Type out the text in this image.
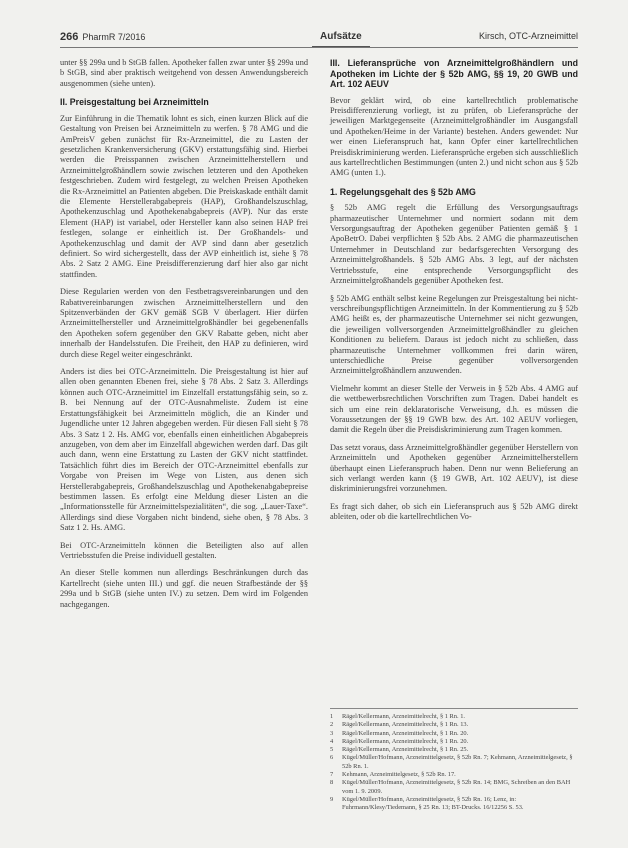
266 PharmR 7/2016	Aufsätze	Kirsch, OTC-Arzneimittel

unter §§ 299a und b StGB fallen. Apotheker fallen zwar unter §§ 299a und b StGB, sind aber praktisch weitgehend von dessen Anwendungsbereich ausgenommen (siehe unten).

II. Preisgestaltung bei Arzneimitteln

Zur Einführung in die Thematik lohnt es sich, einen kurzen Blick auf die Gestaltung von Preisen bei Arzneimitteln zu werfen. § 78 AMG und die AmPreisV geben zunächst für Rx-Arzneimittel, die zu Lasten der gesetzlichen Krankenversicherung (GKV) erstattungsfähig sind. Hierbei werden die Preisspannen zwischen Arzneimittelherstellern und Arzneimittelgroßhändlern sowie zwischen letzteren und den Apotheken festgeschrieben. Zudem wird festgelegt, zu welchen Preisen Apotheken die Rx-Arzneimittel an Patienten abgeben. Die Preiskaskade enthält damit die Elemente Herstellerabgabepreis (HAP), Großhandelszuschlag, Apothekenzuschlag und Apothekenabgabepreis (AVP). Nur das erste Element (HAP) ist variabel, oder Hersteller kann also seinen HAP frei festlegen, solange er einheitlich ist. Der Großhandels- und Apothekenzuschlag und damit der AVP sind dann aber gesetzlich definiert. So wird sichergestellt, dass der AVP einheitlich ist, siehe § 78 Abs. 2 Satz 2 AMG. Eine Preisdifferenzierung darf hier also gar nicht stattfinden.

Diese Regularien werden von den Festbetragsvereinbarungen und den Rabattvereinbarungen zwischen Arzneimittelherstellern und den Spitzenverbänden der GKV gemäß SGB V überlagert. Hier dürfen Arzneimittelhersteller und Arzneimittelgroßhändler bei gegebenenfalls den Apotheken sofern gegenüber den GKV Rabatte geben, nicht aber innerhalb der Handelsstufen. Die Freiheit, den HAP zu definieren, wird durch diese Regel weiter eingeschränkt.

Anders ist dies bei OTC-Arzneimitteln. Die Preisgestaltung ist hier auf allen oben genannten Ebenen frei, siehe § 78 Abs. 2 Satz 3. Allerdings können auch OTC-Arzneimittel im Einzelfall erstattungsfähig sein, so z. B. bei Nennung auf der OTC-Ausnahmeliste. Zudem ist eine Erstattungsfähigkeit bei Arzneimitteln möglich, die an Kinder und Jugendliche unter 12 Jahren abgegeben werden. Für diesen Fall sieht § 78 Abs. 3 Satz 1 2. Hs. AMG vor, ebenfalls einen einheitlichen Abgabepreis anzugeben, von dem aber im Einzelfall abgewichen werden darf. Das gilt auch dann, wenn eine Erstattung zu Lasten der GKV nicht stattfindet. Tatsächlich führt dies im Bereich der OTC-Arzneimittel ebenfalls zur Vorgabe von Preisen im Wege von Listen, aus denen sich Herstellerabgabepreis, Großhandelszuschlag und Apothekenabgabepreise bestimmen lassen. Es erfolgt eine Meldung dieser Listen an die „Informationsstelle für Arzneimittelspezialitäten“, die sog. „Lauer-Taxe“. Allerdings sind diese Vorgaben nicht bindend, siehe oben, § 78 Abs. 3 Satz 1 2. Hs. AMG.

Bei OTC-Arzneimitteln können die Beteiligten also auf allen Vertriebsstufen die Preise individuell gestalten.

An dieser Stelle kommen nun allerdings Beschränkungen durch das Kartellrecht (siehe unten III.) und ggf. die neuen Strafbestände der §§ 299a und b StGB (siehe unten IV.) zu setzen. Dem wird im Folgenden nachgegangen.

III. Lieferansprüche von Arzneimittelgroßhändlern und Apotheken im Lichte der § 52b AMG, §§ 19, 20 GWB und Art. 102 AEUV

Bevor geklärt wird, ob eine kartellrechtlich problematische Preisdifferenzierung vorliegt, ist zu prüfen, ob Lieferansprüche der jeweiligen Marktgegenseite (Arzneimittelgroßhändler im Ausgangsfall und Apotheken/Heime in der Variante) bestehen. Anders gewendet: Nur wer einen Lieferanspruch hat, kann Opfer einer kartellrechtlichen Preisdiskriminierung werden. Lieferansprüche ergeben sich ausschließlich aus kartellrechtlichen Bestimmungen (unten 2.) und nicht schon aus § 52b AMG (unten 1.).

1. Regelungsgehalt des § 52b AMG

§ 52b AMG regelt die Erfüllung des Versorgungsauftrags pharmazeutischer Unternehmer und normiert sodann mit dem Versorgungsauftrag der Apotheken gegenüber Patienten gemäß § 1 ApoBetrO. Dabei verpflichten § 52b Abs. 2 AMG die pharmazeutischen Unternehmer in Deutschland zur bedarfsgerechten Versorgung des Arzneimittelgroßhandels. § 52b AMG Abs. 3 legt, auf der nächsten Vertriebsstufe, eine entsprechende Versorgungspflicht des Arzneimittelgroßhandels gegenüber Apotheken fest.

§ 52b AMG enthält selbst keine Regelungen zur Preisgestaltung bei nicht-verschreibungspflichtigen Arzneimitteln. In der Kommentierung zu § 52b AMG heißt es, der pharmazeutische Unternehmer sei nicht gezwungen, die jeweiligen vollversorgenden Arzneimittelgroßhändler zu gleichen Konditionen zu beliefern. Daraus ist jedoch nicht zu schließen, dass pharmazeutische Unternehmer vollkommen frei darin wären, unterschiedliche Preise gegenüber vollversorgenden Arzneimittelgroßhändlern anzuwenden.

Vielmehr kommt an dieser Stelle der Verweis in § 52b Abs. 4 AMG auf die wettbewerbsrechtlichen Vorschriften zum Tragen. Dabei handelt es sich um eine rein deklaratorische Verweisung, d.h. es müssen die Voraussetzungen der §§ 19 GWB bzw. des Art. 102 AEUV vorliegen, damit die Regeln über die Preisdiskriminierung zum Tragen kommen.

Das setzt voraus, dass Arzneimittelgroßhändler gegenüber Herstellern von Arzneimitteln und Apotheken gegenüber Arzneimittelherstellern überhaupt einen Lieferanspruch haben. Denn nur wenn Belieferung an sich verlangt werden kann (§ 19 GWB, Art. 102 AEUV), ist diese diskriminierungsfrei vorzunehmen.

Es fragt sich daher, ob sich ein Lieferanspruch aus § 52b AMG direkt ableiten, oder ob die kartellrechtlichen Vo-

1	Rägel/Kellermann, Arzneimittelrecht, § 1 Rn. 1.
2	Rägel/Kellermann, Arzneimittelrecht, § 1 Rn. 13.
3	Rägel/Kellermann, Arzneimittelrecht, § 1 Rn. 20.
4	Rägel/Kellermann, Arzneimittelrecht, § 1 Rn. 20.
5	Rägel/Kellermann, Arzneimittelrecht, § 1 Rn. 25.
6	Kügel/Müller/Hofmann, Arzneimittelgesetz, § 52b Rn. 7; Kehmann, Arzneimittelgesetz, § 52b Rn. 1.
7	Kehmann, Arzneimittelgesetz, § 52b Rn. 17.
8	Kügel/Müller/Hofmann, Arzneimittelgesetz, § 52b Rn. 14; BMG, Schreiben an den BAH vom 1. 9. 2009.
9	Kügel/Müller/Hofmann, Arzneimittelgesetz, § 52b Rn. 16; Lenz, in: Fuhrmann/Klesy/Tiedemann, § 25 Rn. 13; BT-Drucks. 16/12256 S. 53.
